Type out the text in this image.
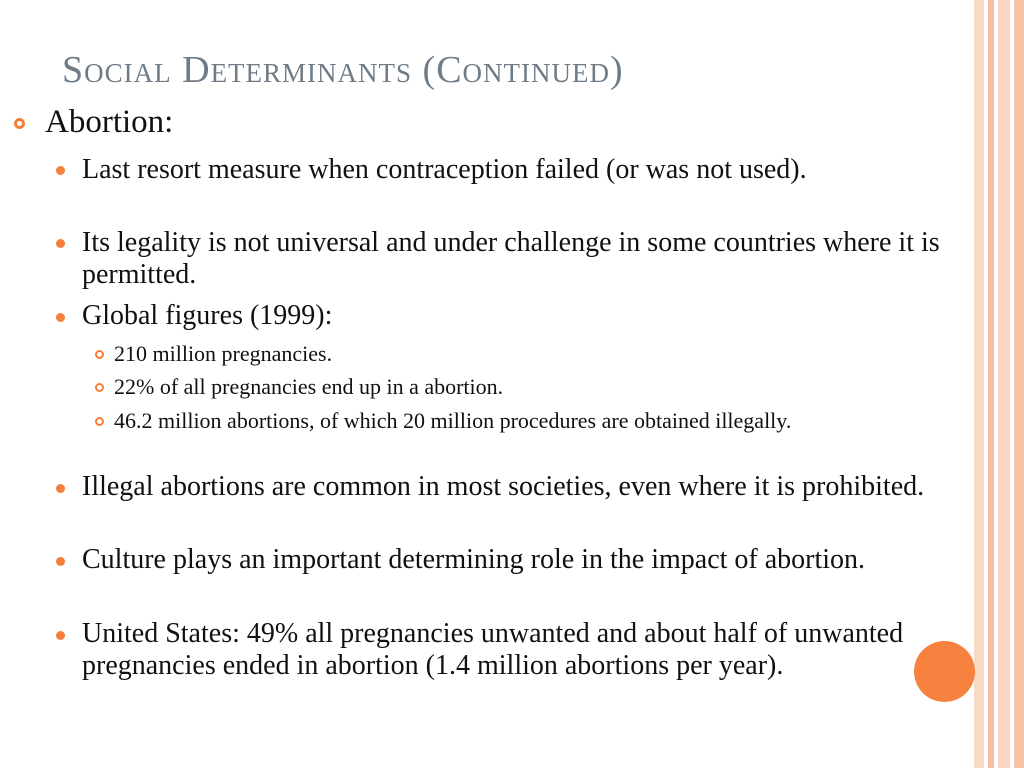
Social Determinants (Continued)
Abortion:
Last resort measure when contraception failed (or was not used).
Its legality is not universal and under challenge in some countries where it is permitted.
Global figures (1999):
210 million pregnancies.
22% of all pregnancies end up in a abortion.
46.2 million abortions, of which 20 million procedures are obtained illegally.
Illegal abortions are common in most societies, even where it is prohibited.
Culture plays an important determining role in the impact of abortion.
United States: 49% all pregnancies unwanted and about half of unwanted pregnancies ended in abortion (1.4 million abortions per year).
